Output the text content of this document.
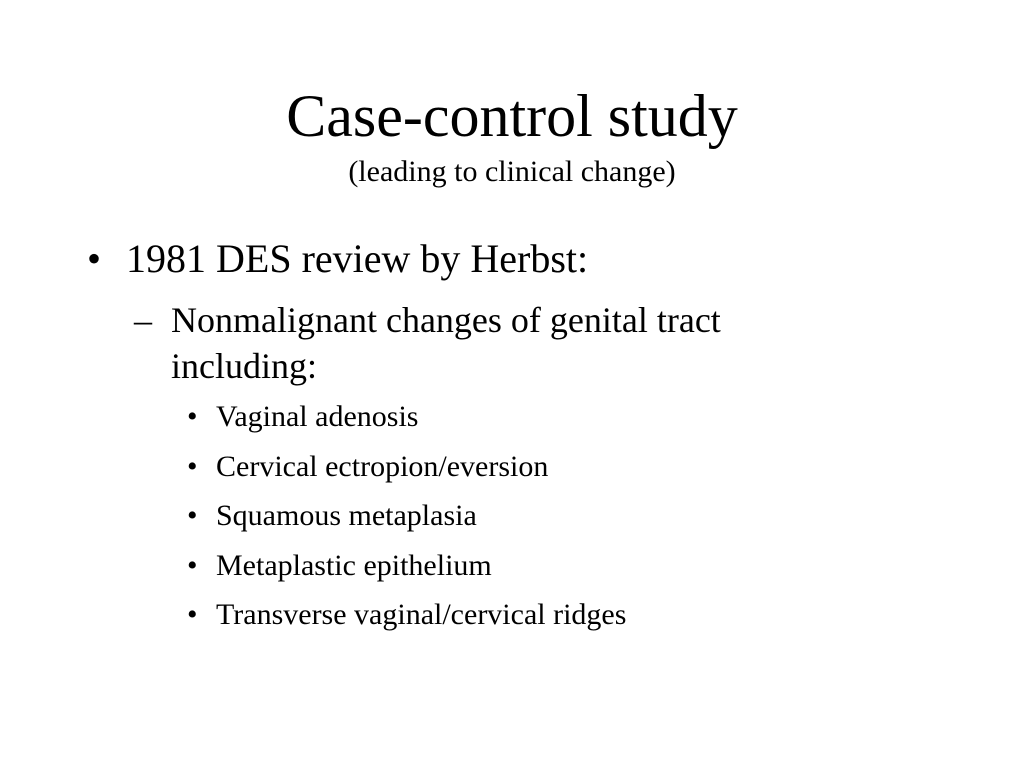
Case-control study
(leading to clinical change)
• 1981 DES review by Herbst:
– Nonmalignant changes of genital tract including:
• Vaginal adenosis
• Cervical ectropion/eversion
• Squamous metaplasia
• Metaplastic epithelium
• Transverse vaginal/cervical ridges
